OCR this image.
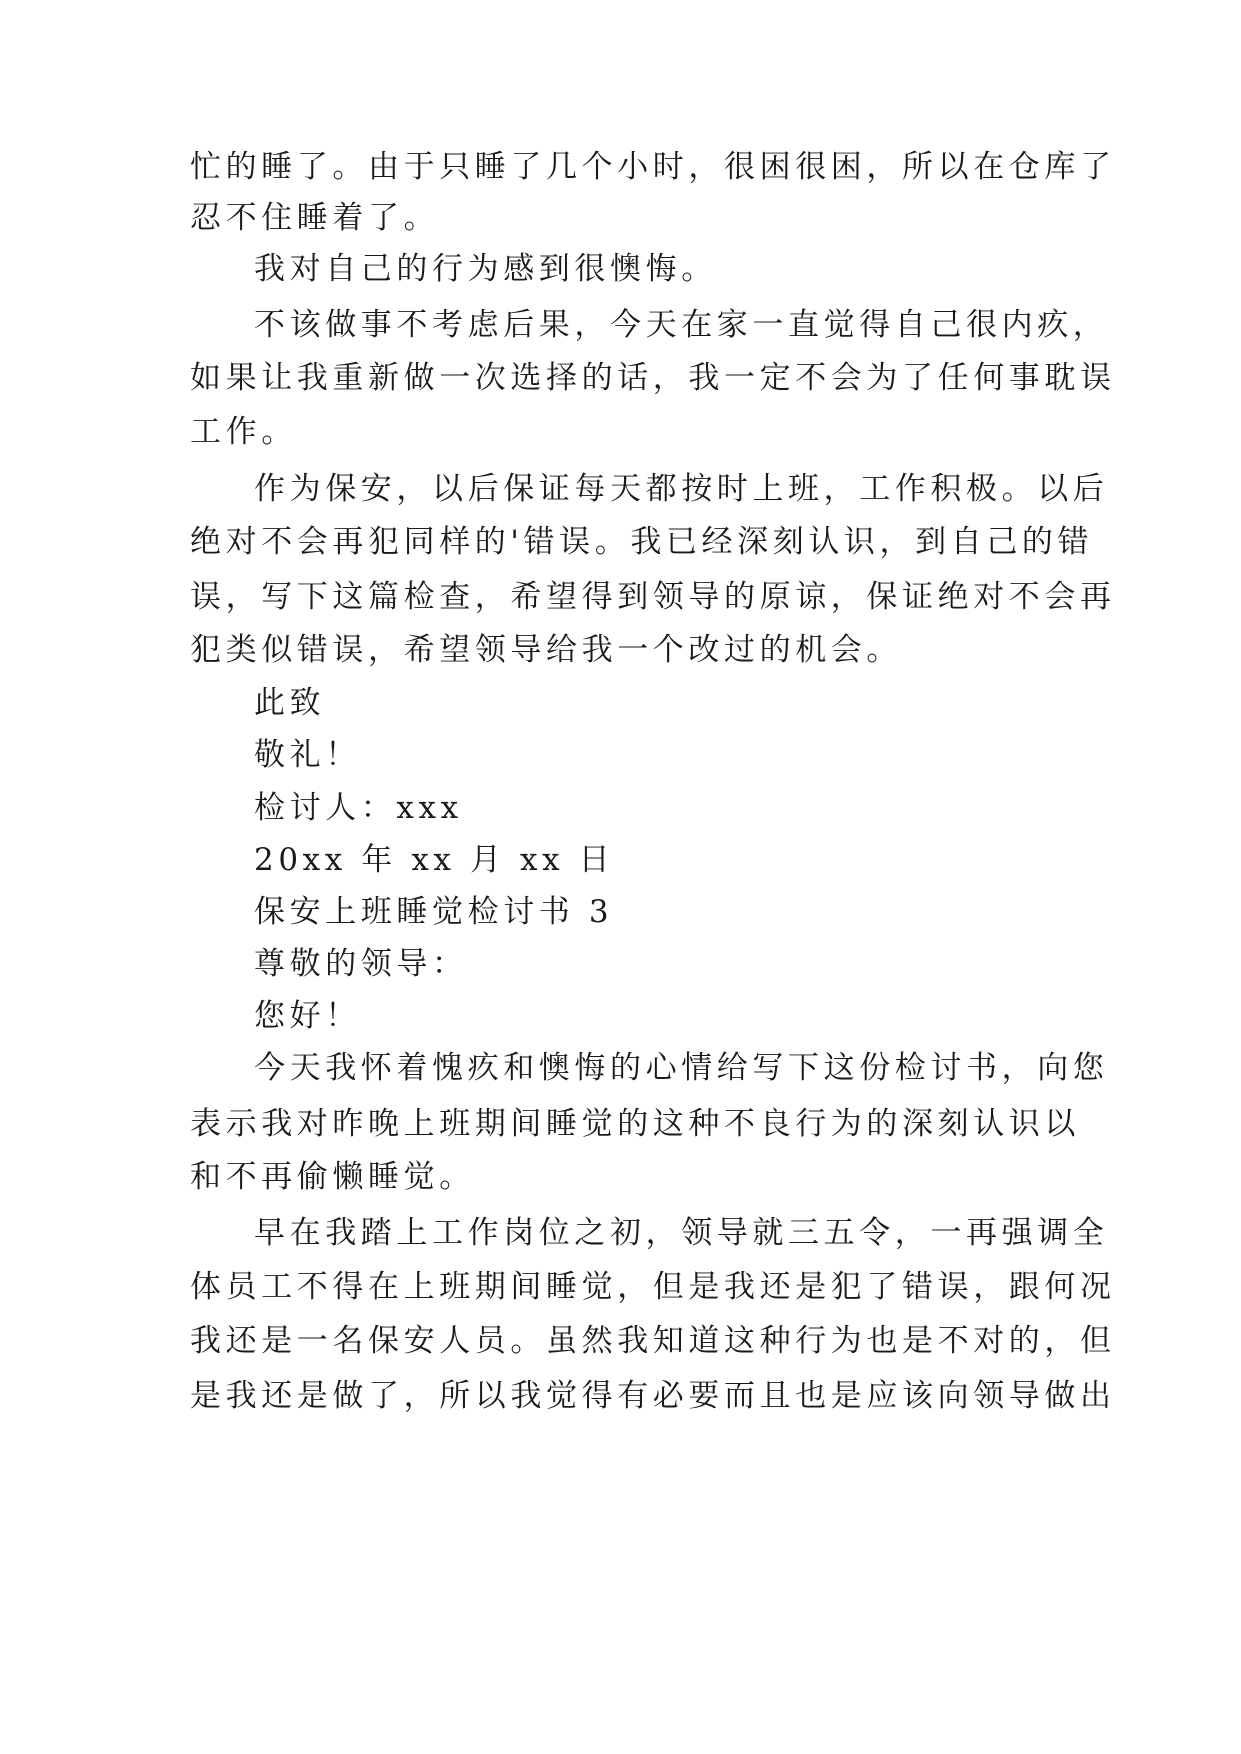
忙的睡了。由于只睡了几个小时，很困很困，所以在仓库了
忍不住睡着了。
我对自己的行为感到很懊悔。
不该做事不考虑后果，今天在家一直觉得自己很内疚，
如果让我重新做一次选择的话，我一定不会为了任何事耽误
工作。
作为保安，以后保证每天都按时上班，工作积极。以后
绝对不会再犯同样的'错误。我已经深刻认识，到自己的错
误，写下这篇检查，希望得到领导的原谅，保证绝对不会再
犯类似错误，希望领导给我一个改过的机会。
此致
敬礼！
检讨人：xxx
20xx 年 xx 月 xx 日
保安上班睡觉检讨书 3
尊敬的领导：
您好！
今天我怀着愧疚和懊悔的心情给写下这份检讨书，向您
表示我对昨晚上班期间睡觉的这种不良行为的深刻认识以
和不再偷懒睡觉。
早在我踏上工作岗位之初，领导就三五令，一再强调全
体员工不得在上班期间睡觉，但是我还是犯了错误，跟何况
我还是一名保安人员。虽然我知道这种行为也是不对的，但
是我还是做了，所以我觉得有必要而且也是应该向领导做出
